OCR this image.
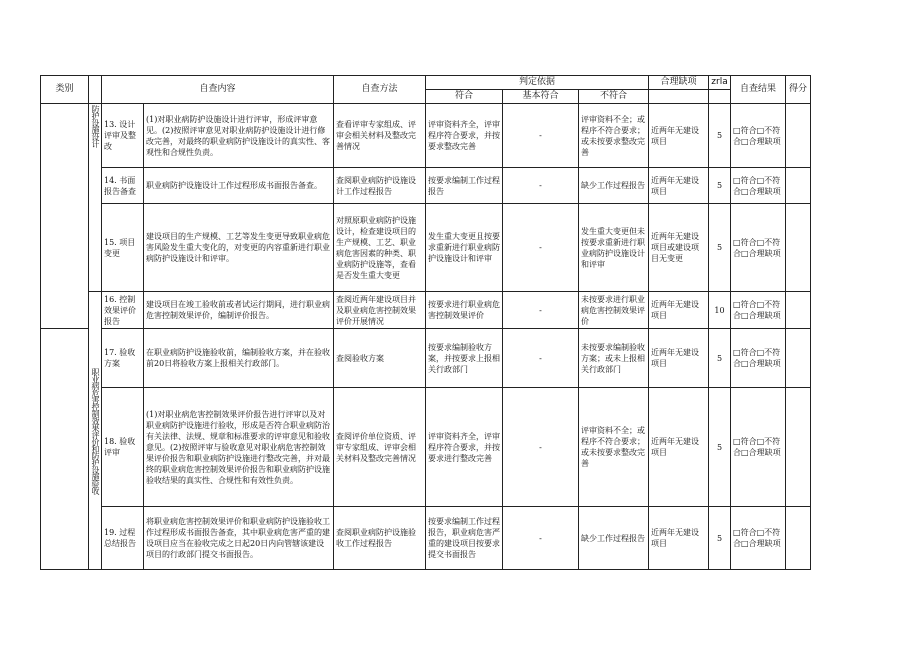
类别		自查内容		自查方法	判定依据			合理缺项	zrla	自查结果	得分
					符合	基本符合	不符合				

	防护设施设计	13. 设计评审及整改	(1)对职业病防护设施设计进行评审，形成评审意见。(2)按照评审意见对职业病防护设施设计进行修改完善，对最终的职业病防护设施设计的真实性、客观性和合规性负责。	查看评审专家组成、评审会相关材料及整改完善情况	评审资料齐全，评审程序符合要求，并按要求整改完善	-	评审资料不全；或程序不符合要求；或未按要求整改完善	近两年无建设项目	5	□符合□不符合□合理缺项	
		14. 书面报告备查	职业病防护设施设计工作过程形成书面报告备查。	查阅职业病防护设施设计工作过程报告	按要求编制工作过程报告	-	缺少工作过程报告	近两年无建设项目	5	□符合□不符合□合理缺项	
		15. 项目变更	建设项目的生产规模、工艺等发生变更导致职业病危害风险发生重大变化的，对变更的内容重新进行职业病防护设施设计和评审。	对照原职业病防护设施设计，检查建设项目的生产规模、工艺、职业病危害因素的种类、职业病防护设施等，查看是否发生重大变更	发生重大变更且按要求重新进行职业病防护设施设计和评审	-	发生重大变更但未按要求重新进行职业病防护设施设计和评审	近两年无建设项目或建设项目无变更	5	□符合□不符合□合理缺项	

	职业病危害控制效果评价和防护设施验收	16. 控制效果评价报告	建设项目在竣工验收前或者试运行期间，进行职业病危害控制效果评价，编制评价报告。	查阅近两年建设项目并及职业病危害控制效果评价开展情况	按要求进行职业病危害控制效果评价	-	未按要求进行职业病危害控制效果评价	近两年无建设项目	10	□符合□不符合□合理缺项	
		17. 验收方案	在职业病防护设施验收前，编制验收方案，并在验收前20日将验收方案上报相关行政部门。	查阅验收方案	按要求编制验收方案，并按要求上报相关行政部门	-	未按要求编制验收方案；或未上报相关行政部门	近两年无建设项目	5	□符合□不符合□合理缺项	
		18. 验收评审	(1)对职业病危害控制效果评价报告进行评审以及对职业病防护设施进行验收，形成是否符合职业病防治有关法律、法规、规章和标准要求的评审意见和验收意见。(2)按照评审与验收意见对职业病危害控制效果评价报告和职业病防护设施进行整改完善，并对最终的职业病危害控制效果评价报告和职业病防护设施验收结果的真实性、合规性和有效性负责。	查阅评价单位资质、评审专家组成、评审会相关材料及整改完善情况	评审资料齐全，评审程序符合要求，并按要求进行整改完善	-	评审资料不全；或程序不符合要求；或未按要求整改完善	近两年无建设项目	5	□符合□不符合□合理缺项	
		19. 过程总结报告	将职业病危害控制效果评价和职业病防护设施验收工作过程形成书面报告备查，其中职业病危害严重的建设项目应当在验收完成之日起20日内向管辖该建设项目的行政部门提交书面报告。	查阅职业病防护设施验收工作过程报告	按要求编制工作过程报告，职业病危害严重的建设项目按要求提交书面报告	-	缺少工作过程报告	近两年无建设项目	5	□符合□不符合□合理缺项	
